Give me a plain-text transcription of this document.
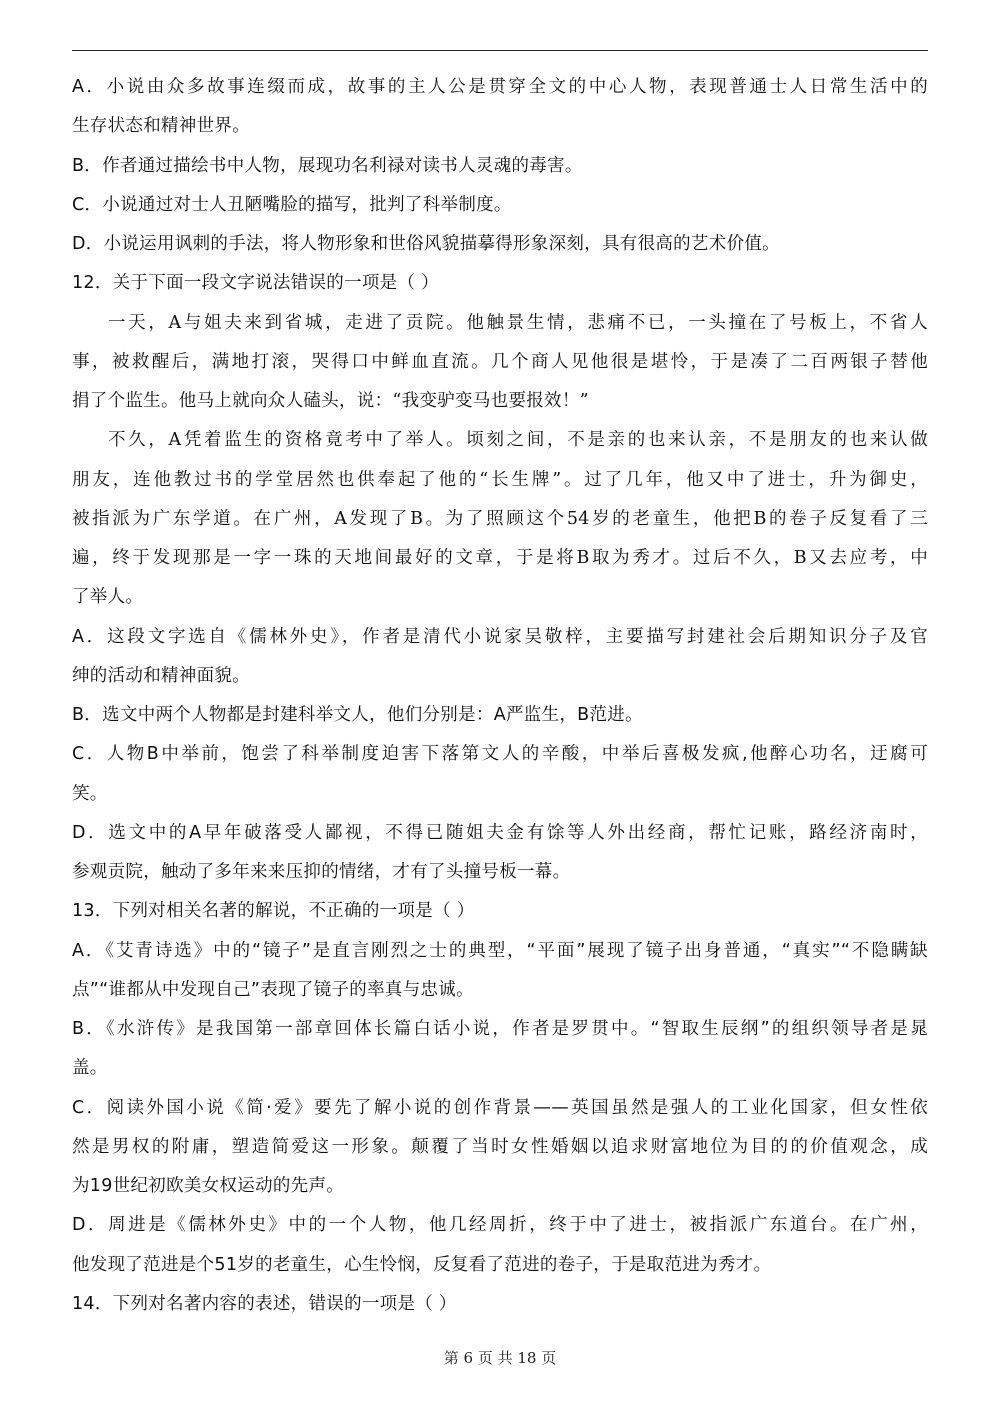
A．小说由众多故事连缀而成，故事的主人公是贯穿全文的中心人物，表现普通士人日常生活中的
生存状态和精神世界。
B．作者通过描绘书中人物，展现功名利禄对读书人灵魂的毒害。
C．小说通过对士人丑陋嘴脸的描写，批判了科举制度。
D．小说运用讽刺的手法，将人物形象和世俗风貌描摹得形象深刻，具有很高的艺术价值。
12．关于下面一段文字说法错误的一项是（ ）
一天，A与姐夫来到省城，走进了贡院。他触景生情，悲痛不已，一头撞在了号板上，不省人
事，被救醒后，满地打滚，哭得口中鲜血直流。几个商人见他很是堪怜，于是凑了二百两银子替他
捐了个监生。他马上就向众人磕头，说：“我变驴变马也要报效！”
不久，A凭着监生的资格竟考中了举人。顷刻之间，不是亲的也来认亲，不是朋友的也来认做
朋友，连他教过书的学堂居然也供奉起了他的“长生牌”。过了几年，他又中了进士，升为御史，
被指派为广东学道。在广州，A发现了B。为了照顾这个54岁的老童生，他把B的卷子反复看了三
遍，终于发现那是一字一珠的天地间最好的文章，于是将B取为秀才。过后不久，B又去应考，中
了举人。
A．这段文字选自《儒林外史》，作者是清代小说家吴敬梓，主要描写封建社会后期知识分子及官
绅的活动和精神面貌。
B．选文中两个人物都是封建科举文人，他们分别是：A严监生，B范进。
C．人物B中举前，饱尝了科举制度迫害下落第文人的辛酸，中举后喜极发疯,他醉心功名，迂腐可
笑。
D．选文中的A早年破落受人鄙视，不得已随姐夫金有馀等人外出经商，帮忙记账，路经济南时，
参观贡院，触动了多年来来压抑的情绪，才有了头撞号板一幕。
13．下列对相关名著的解说，不正确的一项是（ ）
A．《艾青诗选》中的“镜子”是直言刚烈之士的典型，“平面”展现了镜子出身普通，“真实”“不隐瞒缺
点”“谁都从中发现自己”表现了镜子的率真与忠诚。
B．《水浒传》是我国第一部章回体长篇白话小说，作者是罗贯中。“智取生辰纲”的组织领导者是晁
盖。
C．阅读外国小说《简·爱》要先了解小说的创作背景——英国虽然是强人的工业化国家，但女性依
然是男权的附庸，塑造简爱这一形象。颠覆了当时女性婚姻以追求财富地位为目的的价值观念，成
为19世纪初欧美女权运动的先声。
D．周进是《儒林外史》中的一个人物，他几经周折，终于中了进士，被指派广东道台。在广州，
他发现了范进是个51岁的老童生，心生怜悯，反复看了范进的卷子，于是取范进为秀才。
14．下列对名著内容的表述，错误的一项是（ ）
第 6 页 共 18 页
